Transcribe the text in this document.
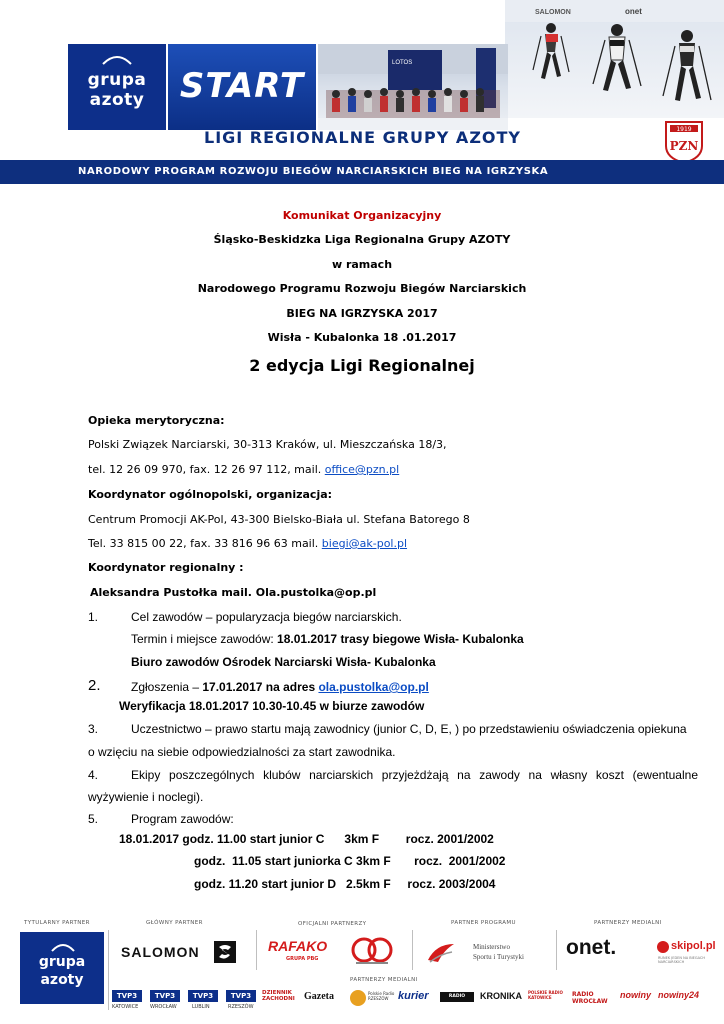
SALOMON	onet
grupa
azoty	START
LOTOS
LIGI REGIONALNE GRUPY AZOTY	1919
PZN
NARODOWY PROGRAM ROZWOJU BIEGÓW NARCIARSKICH BIEG NA IGRZYSKA
Komunikat Organizacyjny
Śląsko-Beskidzka Liga Regionalna Grupy AZOTY
w ramach
Narodowego Programu Rozwoju Biegów Narciarskich
BIEG NA IGRZYSKA 2017
Wisła - Kubalonka 18 .01.2017
2 edycja Ligi Regionalnej
Opieka merytoryczna:
Polski Związek Narciarski, 30-313 Kraków, ul. Mieszczańska 18/3,
tel. 12 26 09 970, fax. 12 26 97 112, mail. office@pzn.pl
Koordynator ogólnopolski, organizacja:
Centrum Promocji AK-Pol, 43-300 Bielsko-Biała ul. Stefana Batorego 8
Tel. 33 815 00 22, fax. 33 816 96 63 mail. biegi@ak-pol.pl
Koordynator regionalny :
Aleksandra Pustołka mail. Ola.pustolka@op.pl
1.	Cel zawodów – popularyzacja biegów narciarskich.
Termin i miejsce zawodów: 18.01.2017 trasy biegowe Wisła- Kubalonka
Biuro zawodów Ośrodek Narciarski Wisła- Kubalonka
2.	Zgłoszenia – 17.01.2017 na adres ola.pustolka@op.pl
Weryfikacja 18.01.2017 10.30-10.45 w biurze zawodów
3.	Uczestnictwo – prawo startu mają zawodnicy (junior C, D, E, ) po przedstawieniu oświadczenia opiekuna
o wzięciu na siebie odpowiedzialności za start zawodnika.
4.	Ekipy poszczególnych klubów narciarskich przyjeżdżają na zawody na własny koszt (ewentualne
wyżywienie i noclegi).
5.	Program zawodów:
18.01.2017 godz. 11.00 start junior C      3km F        rocz. 2001/2002
godz.  11.05 start juniorka C 3km F       rocz.  2001/2002
godz. 11.20 start junior D   2.5km F     rocz. 2003/2004
TYTULARNY PARTNER	GŁÓWNY PARTNER	OFICJALNI PARTNERZY	PARTNER PROGRAMU	PARTNERZY MEDIALNI
grupa
azoty
SALOMON	RAFAKO
GRUPA PBG
Ministerstwo
Sportu i Turystyki onet.	skipol.pl
RUNEK JEDEN NA BIEGACH NARCIARSKICH
PARTNERZY MEDIALNI
TVP3
KATOWICE
TVP3
WROCŁAW
TVP3
LUBLIN
TVP3
RZESZÓW
DZIENNIK ZACHODNI Gazeta	Polskie Radio RZESZÓW kurier	RADIO LUBLIN
KRONIKA POLSKIE RADIO KATOWICE	RADIO WROCŁAW
nowiny nowiny24
